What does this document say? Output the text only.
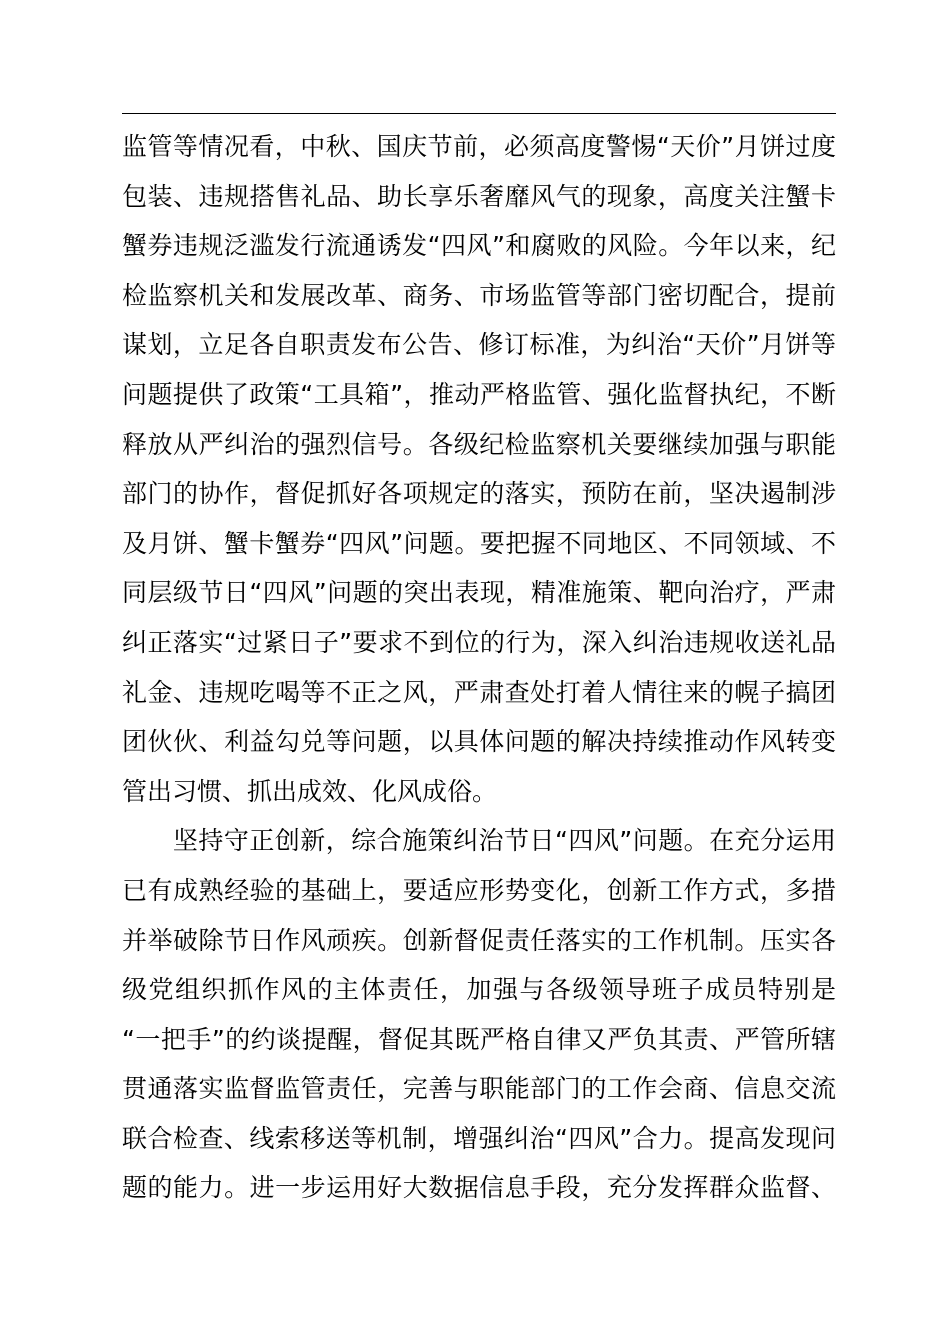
监管等情况看，中秋、国庆节前，必须高度警惕“天价”月饼过度
包装、违规搭售礼品、助长享乐奢靡风气的现象，高度关注蟹卡
蟹券违规泛滥发行流通诱发“四风”和腐败的风险。今年以来，纪
检监察机关和发展改革、商务、市场监管等部门密切配合，提前
谋划，立足各自职责发布公告、修订标准，为纠治“天价”月饼等
问题提供了政策“工具箱”，推动严格监管、强化监督执纪，不断
释放从严纠治的强烈信号。各级纪检监察机关要继续加强与职能
部门的协作，督促抓好各项规定的落实，预防在前，坚决遏制涉
及月饼、蟹卡蟹券“四风”问题。要把握不同地区、不同领域、不
同层级节日“四风”问题的突出表现，精准施策、靶向治疗，严肃
纠正落实“过紧日子”要求不到位的行为，深入纠治违规收送礼品
礼金、违规吃喝等不正之风，严肃查处打着人情往来的幌子搞团
团伙伙、利益勾兑等问题，以具体问题的解决持续推动作风转变
管出习惯、抓出成效、化风成俗。
　　坚持守正创新，综合施策纠治节日“四风”问题。在充分运用
已有成熟经验的基础上，要适应形势变化，创新工作方式，多措
并举破除节日作风顽疾。创新督促责任落实的工作机制。压实各
级党组织抓作风的主体责任，加强与各级领导班子成员特别是
“一把手”的约谈提醒，督促其既严格自律又严负其责、严管所辖
贯通落实监督监管责任，完善与职能部门的工作会商、信息交流
联合检查、线索移送等机制，增强纠治“四风”合力。提高发现问
题的能力。进一步运用好大数据信息手段，充分发挥群众监督、
